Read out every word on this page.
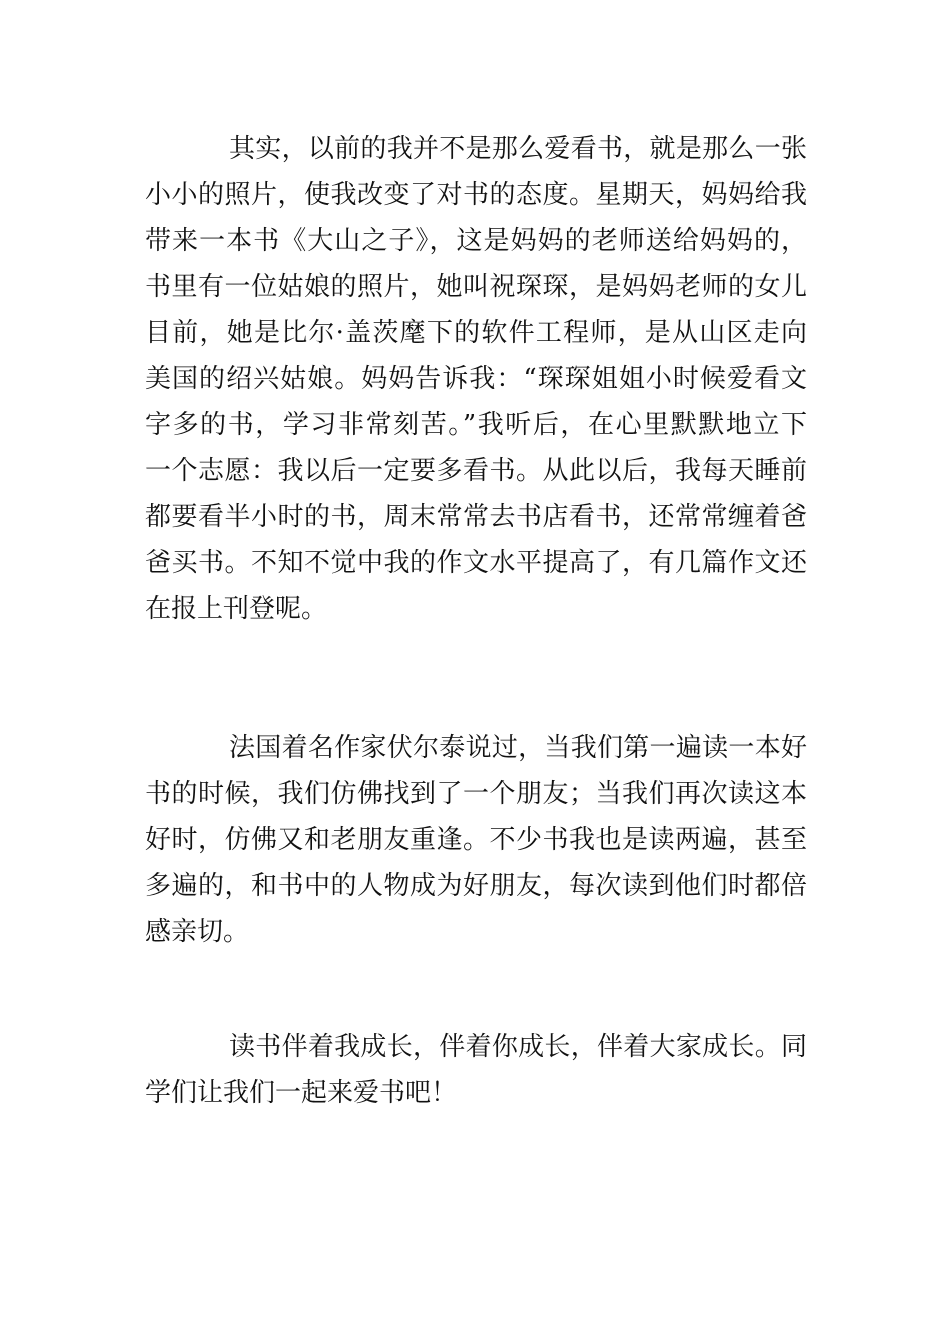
其实，以前的我并不是那么爱看书，就是那么一张
小小的照片，使我改变了对书的态度。星期天，妈妈给我
带来一本书《大山之子》，这是妈妈的老师送给妈妈的，
书里有一位姑娘的照片，她叫祝琛琛，是妈妈老师的女儿
目前，她是比尔·盖茨麾下的软件工程师，是从山区走向
美国的绍兴姑娘。妈妈告诉我：“琛琛姐姐小时候爱看文
字多的书，学习非常刻苦。”我听后，在心里默默地立下
一个志愿：我以后一定要多看书。从此以后，我每天睡前
都要看半小时的书，周末常常去书店看书，还常常缠着爸
爸买书。不知不觉中我的作文水平提高了，有几篇作文还
在报上刊登呢。
法国着名作家伏尔泰说过，当我们第一遍读一本好
书的时候，我们仿佛找到了一个朋友；当我们再次读这本
好时，仿佛又和老朋友重逢。不少书我也是读两遍，甚至
多遍的，和书中的人物成为好朋友，每次读到他们时都倍
感亲切。
读书伴着我成长，伴着你成长，伴着大家成长。同
学们让我们一起来爱书吧！
